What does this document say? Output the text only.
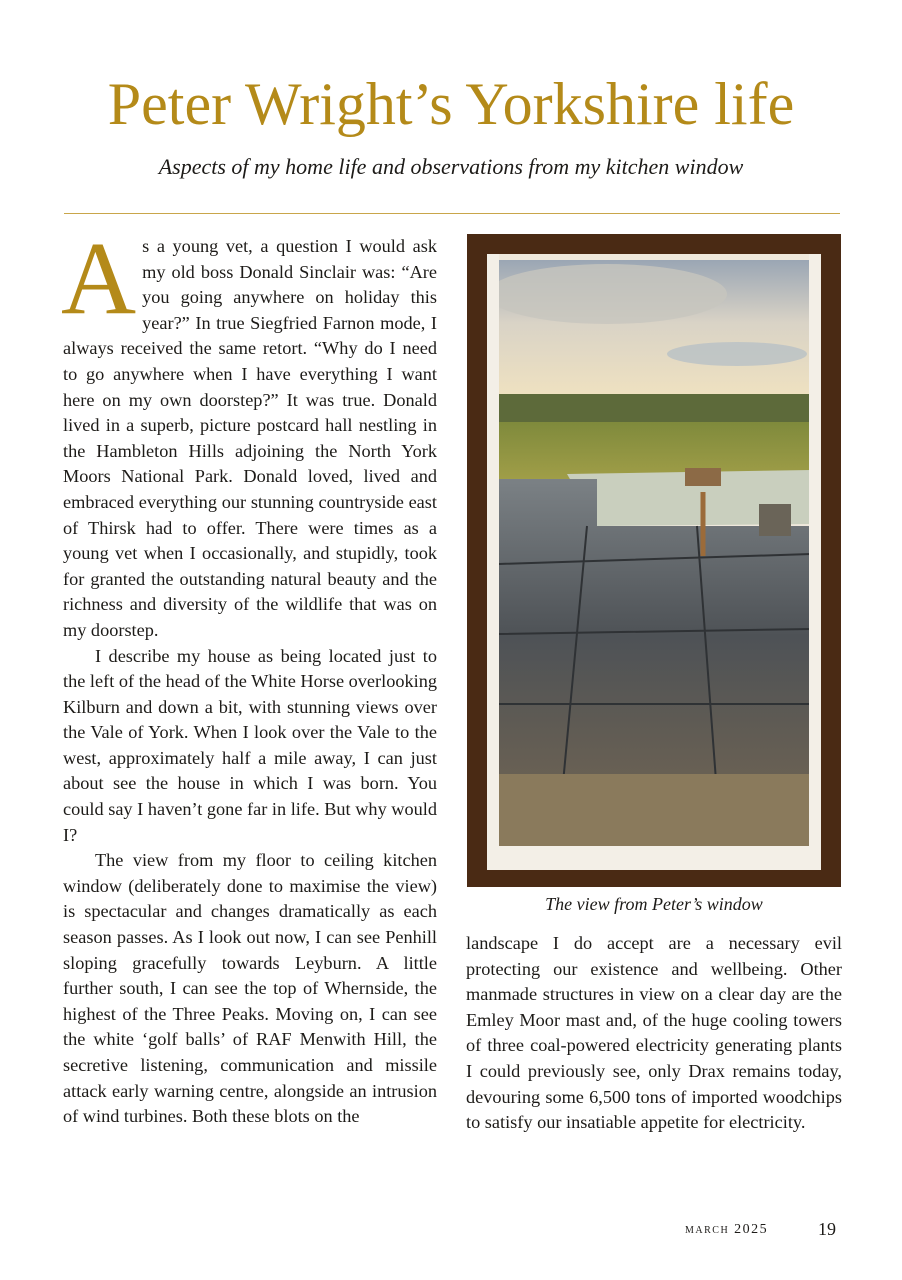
Peter Wright’s Yorkshire life

Aspects of my home life and observations from my kitchen window

As a young vet, a question I would ask my old boss Donald Sinclair was: “Are you going anywhere on holiday this year?” In true Siegfried Farnon mode, I always received the same retort. “Why do I need to go anywhere when I have everything I want here on my own doorstep?” It was true. Donald lived in a superb, picture postcard hall nestling in the Hambleton Hills adjoining the North York Moors National Park. Donald loved, lived and embraced everything our stunning countryside east of Thirsk had to offer. There were times as a young vet when I occasionally, and stupidly, took for granted the outstanding natural beauty and the richness and diversity of the wildlife that was on my doorstep.

I describe my house as being located just to the left of the head of the White Horse overlooking Kilburn and down a bit, with stunning views over the Vale of York. When I look over the Vale to the west, approximately half a mile away, I can just about see the house in which I was born. You could say I haven’t gone far in life. But why would I?

The view from my floor to ceiling kitchen window (deliberately done to maximise the view) is spectacular and changes dramatically as each season passes. As I look out now, I can see Penhill sloping gracefully towards Leyburn. A little further south, I can see the top of Whernside, the highest of the Three Peaks. Moving on, I can see the white ‘golf balls’ of RAF Menwith Hill, the secretive listening, communication and missile attack early warning centre, alongside an intrusion of wind turbines. Both these blots on the

The view from Peter’s window

landscape I do accept are a necessary evil protecting our existence and wellbeing. Other manmade structures in view on a clear day are the Emley Moor mast and, of the huge cooling towers of three coal-powered electricity generating plants I could previously see, only Drax remains today, devouring some 6,500 tons of imported woodchips to satisfy our insatiable appetite for electricity.

march 2025	19
